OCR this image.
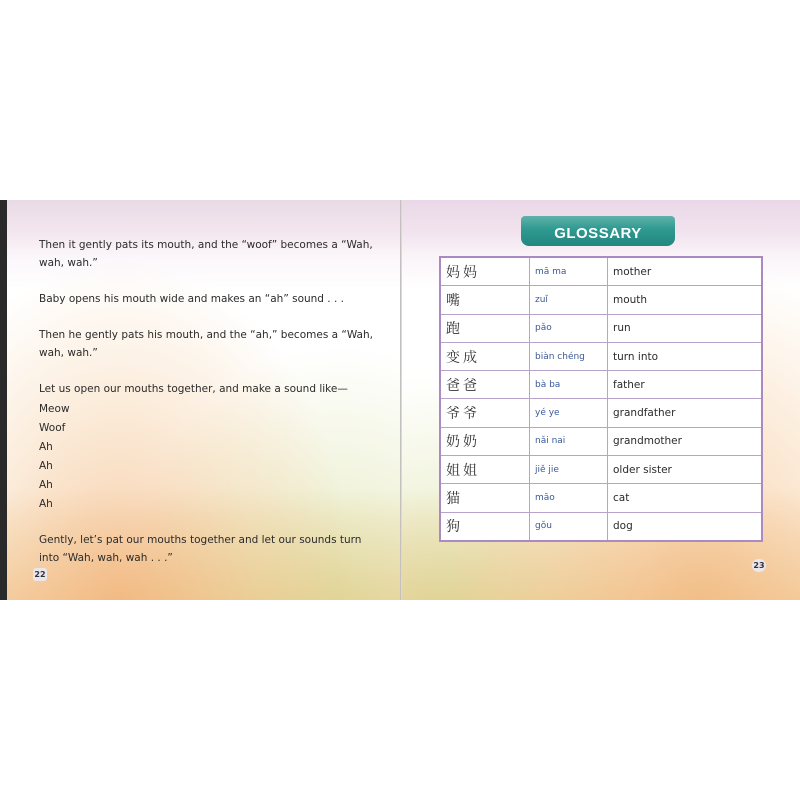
Then it gently pats its mouth, and the “woof” becomes a “Wah, wah, wah.”

Baby opens his mouth wide and makes an “ah” sound . . .

Then he gently pats his mouth, and the “ah,” becomes a “Wah, wah, wah.”

Let us open our mouths together, and make a sound like—

Meow

Woof

Ah

Ah

Ah

Ah

Gently, let’s pat our mouths together and let our sounds turn into “Wah, wah, wah . . .”

22
GLOSSARY
妈妈	mā ma	mother
嘴	zuǐ	mouth
跑	pǎo	run
变成	biàn chéng	turn into
爸爸	bà ba	father
爷爷	yé ye	grandfather
奶奶	nǎi nai	grandmother
姐姐	jiě jie	older sister
猫	māo	cat
狗	gǒu	dog
23
